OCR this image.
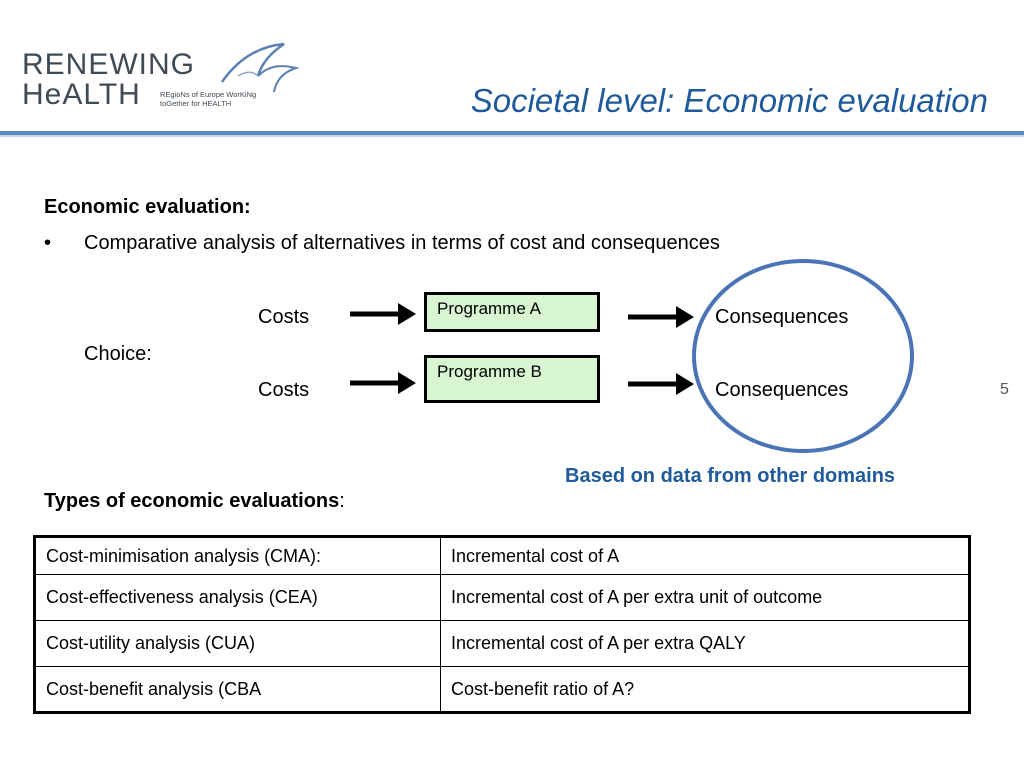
RENEWING
HeALTH	REgioNs of Europe WorKiNg
toGether for HEALTH	Societal level: Economic evaluation
Economic evaluation:
• Comparative analysis of alternatives in terms of cost and consequences
Costs
Choice:
Costs
Programme A
Programme B
Consequences
Consequences	5
Based on data from other domains
Types of economic evaluations:
Cost-minimisation analysis (CMA):	Incremental cost of A
Cost-effectiveness analysis (CEA)	Incremental cost of A per extra unit of outcome
Cost-utility analysis (CUA)	Incremental cost of A per extra QALY
Cost-benefit analysis (CBA	Cost-benefit ratio of A?
